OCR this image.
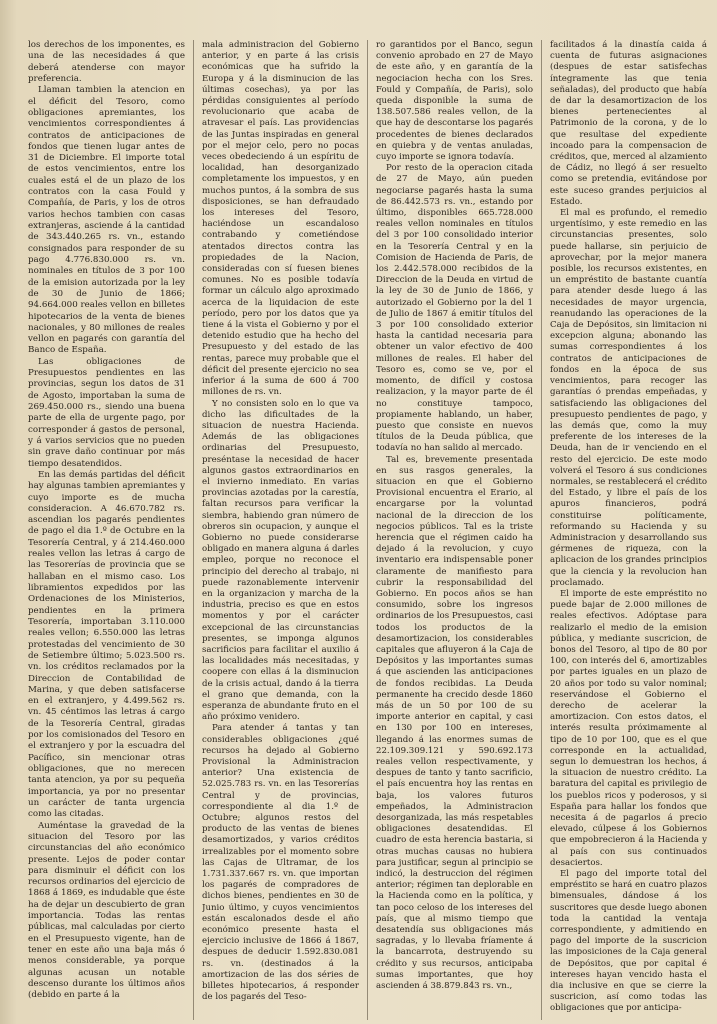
los derechos de los imponentes, es una de las necesidades á que deberá atenderse con mayor preferencia.

Llaman tambien la atencion en el déficit del Tesoro, como obligaciones apremiantes, los vencimientos correspondientes á contratos de anticipaciones de fondos que tienen lugar antes de 31 de Diciembre. El importe total de estos vencimientos, entre los cuales está el de un plazo de los contratos con la casa Fould y Compañía, de Paris, y los de otros varios hechos tambien con casas extranjeras, asciende á la cantidad de 343.440.265 rs. vn., estando consignados para responder de su pago 4.776.830.000 rs. vn. nominales en títulos de 3 por 100 de la emision autorizada por la ley de 30 de Junio de 1866; 94.664.000 reales vellon en billetes hipotecarios de la venta de bienes nacionales, y 80 millones de reales vellon en pagarés con garantía del Banco de España.

Las obligaciones de Presupuestos pendientes en las provincias, segun los datos de 31 de Agosto, importaban la suma de 269.450.000 rs., siendo una buena parte de ella de urgente pago, por corresponder á gastos de personal, y á varios servicios que no pueden sin grave daño continuar por más tiempo desatendidos.

En las demás partidas del déficit hay algunas tambien apremiantes y cuyo importe es de mucha consideracion. A 46.670.782 rs. ascendian los pagarés pendientes de pago el dia 1.º de Octubre en la Tesorería Central, y á 214.460.000 reales vellon las letras á cargo de las Tesorerías de provincia que se hallaban en el mismo caso. Los libramientos expedidos por las Ordenaciones de los Ministerios, pendientes en la primera Tesorería, importaban 3.110.000 reales vellon; 6.550.000 las letras protestadas del vencimiento de 30 de Setiembre último; 5.023.500 rs. vn. los créditos reclamados por la Direccion de Contabilidad de Marina, y que deben satisfacerse en el extranjero, y 4.499.562 rs. vn. 45 céntimos las letras á cargo de la Tesorería Central, giradas por los comisionados del Tesoro en el extranjero y por la escuadra del Pacífico, sin mencionar otras obligaciones, que no merecen tanta atencion, ya por su pequeña importancia, ya por no presentar un carácter de tanta urgencia como las citadas.

Auméntase la gravedad de la situacion del Tesoro por las circunstancias del año económico presente. Lejos de poder contar para disminuir el déficit con los recursos ordinarios del ejercicio de 1868 á 1869, es indudable que éste ha de dejar un descubierto de gran importancia. Todas las rentas públicas, mal calculadas por cierto en el Presupuesto vigente, han de tener en este año una baja más ó menos considerable, ya porque algunas acusan un notable descenso durante los últimos años (debido en parte á la

mala administracion del Gobierno anterior, y en parte á las crisis económicas que ha sufrido la Europa y á la disminucion de las últimas cosechas), ya por las pérdidas consiguientes al período revolucionario que acaba de atravesar el país. Las providencias de las Juntas inspiradas en general por el mejor celo, pero no pocas veces obedeciendo á un espíritu de localidad, han desorganizado completamente los impuestos, y en muchos puntos, á la sombra de sus disposiciones, se han defraudado los intereses del Tesoro, haciéndose un escandaloso contrabando y cometiéndose atentados directos contra las propiedades de la Nacion, consideradas con sí fuesen bienes comunes. No es posible todavía formar un cálculo algo aproximado acerca de la liquidacion de este período, pero por los datos que ya tiene á la vista el Gobierno y por el detenido estudio que ha hecho del Presupuesto y del estado de las rentas, parece muy probable que el déficit del presente ejercicio no sea inferior á la suma de 600 á 700 millones de rs. vn.

Y no consisten solo en lo que va dicho las dificultades de la situacion de nuestra Hacienda. Además de las obligaciones ordinarias del Presupuesto, preséntase la necesidad de hacer algunos gastos extraordinarios en el invierno inmediato. En varias provincias azotadas por la carestía, faltan recursos para verificar la siembra, habiendo gran número de obreros sin ocupacion, y aunque el Gobierno no puede considerarse obligado en manera alguna á darles empleo, porque no reconoce el principio del derecho al trabajo, ni puede razonablemente intervenir en la organizacion y marcha de la industria, preciso es que en estos momentos y por el carácter excepcional de las circunstancias presentes, se imponga algunos sacrificios para facilitar el auxilio á las localidades más necesitadas, y coopere con ellas á la disminucion de la crisis actual, dando á la tierra el grano que demanda, con la esperanza de abundante fruto en el año próximo venidero.

Para atender á tantas y tan considerables obligaciones ¿qué recursos ha dejado al Gobierno Provisional la Administracion anterior? Una existencia de 52.025.783 rs. vn. en las Tesorerías Central y de provincias, correspondiente al dia 1.º de Octubre; algunos restos del producto de las ventas de bienes desamortizados, y varios créditos irrealizables por el momento sobre las Cajas de Ultramar, de los 1.731.337.667 rs. vn. que importan los pagarés de compradores de dichos bienes, pendientes en 30 de Junio último, y cuyos vencimientos están escalonados desde el año económico presente hasta el ejercicio inclusive de 1866 á 1867, despues de deducir 1.592.830.081 rs. vn. (destinados á la amortizacion de las dos séries de billetes hipotecarios, á responder de los pagarés del Teso-

ro garantidos por el Banco, segun convenio aprobado en 27 de Mayo de este año, y en garantía de la negociacion hecha con los Sres. Fould y Compañía, de Paris), solo queda disponible la suma de 138.507.586 reales vellon, de la que hay de descontarse los pagarés procedentes de bienes declarados en quiebra y de ventas anuladas, cuyo importe se ignora todavía.

Por resto de la operacion citada de 27 de Mayo, aún pueden negociarse pagarés hasta la suma de 86.442.573 rs. vn., estando por último, disponibles 665.728.000 reales vellon nominales en títulos del 3 por 100 consolidado interior en la Tesorería Central y en la Comision de Hacienda de Paris, de los 2.442.578.000 recibidos de la Direccion de la Deuda en virtud de la ley de 30 de Junio de 1866, y autorizado el Gobierno por la del 1 de Julio de 1867 á emitir títulos del 3 por 100 consolidado exterior hasta la cantidad necesaria para obtener un valor efectivo de 400 millones de reales. El haber del Tesoro es, como se ve, por el momento, de difícil y costosa realizacion, y la mayor parte de él no constituye tampoco, propiamente hablando, un haber, puesto que consiste en nuevos títulos de la Deuda pública, que todavía no han salido al mercado.

Tal es, brevemente presentada en sus rasgos generales, la situacion en que el Gobierno Provisional encuentra el Erario, al encargarse por la voluntad nacional de la direccion de los negocios públicos. Tal es la triste herencia que el régimen caido ha dejado á la revolucion, y cuyo inventario era indispensable poner claramente de manifiesto para cubrir la responsabilidad del Gobierno. En pocos años se han consumido, sobre los ingresos ordinarios de los Presupuestos, casi todos los productos de la desamortizacion, los considerables capitales que afluyeron á la Caja de Depósitos y las importantes sumas á que ascienden las anticipaciones de fondos recibidas. La Deuda permanente ha crecido desde 1860 más de un 50 por 100 de su importe anterior en capital, y casi en 130 por 100 en intereses, llegando á las enormes sumas de 22.109.309.121 y 590.692.173 reales vellon respectivamente, y despues de tanto y tanto sacrificio, el país encuentra hoy las rentas en baja, los valores futuros empeñados, la Administracion desorganizada, las más respetables obligaciones desatendidas. El cuadro de esta herencia bastaria, si otras muchas causas no hubiera para justificar, segun al principio se indicó, la destruccion del régimen anterior; régimen tan deplorable en la Hacienda como en la política, y tan poco celoso de los intereses del país, que al mismo tiempo que desatendía sus obligaciones más sagradas, y lo llevaba fríamente á la bancarrota, destruyendo su crédito y sus recursos, anticipaba sumas importantes, que hoy ascienden á 38.879.843 rs. vn.,

facilitados á la dinastía caida á cuenta de futuras asignaciones (despues de estar satisfechas íntegramente las que tenia señaladas), del producto que había de dar la desamortizacion de los bienes pertenecientes al Patrimonio de la corona, y de lo que resultase del expediente incoado para la compensacion de créditos, que, merced al alzamiento de Cádiz, no llegó á ser resuelto como se pretendia, evitándose por este suceso grandes perjuicios al Estado.

El mal es profundo, el remedio urgentísimo, y este remedio en las circunstancias presentes, solo puede hallarse, sin perjuicio de aprovechar, por la mejor manera posible, los recursos existentes, en un empréstito de bastante cuantía para atender desde luego á las necesidades de mayor urgencia, reanudando las operaciones de la Caja de Depósitos, sin limitacion ni excepcion alguna; abonando las sumas correspondientes á los contratos de anticipaciones de fondos en la época de sus vencimientos, para recoger las garantías ó prendas empeñadas, y satisfaciendo las obligaciones del presupuesto pendientes de pago, y las demás que, como la muy preferente de los intereses de la Deuda, han de ir venciendo en el resto del ejercicio. De este modo volverá el Tesoro á sus condiciones normales, se restablecerá el crédito del Estado, y libre el país de los apuros financieros, podrá constituirse políticamente, reformando su Hacienda y su Administracion y desarrollando sus gérmenes de riqueza, con la aplicacion de los grandes principios que la ciencia y la revolucion han proclamado.

El importe de este empréstito no puede bajar de 2.000 millones de reales efectivos. Adóptase para realizarlo el medio de la emision pública, y mediante suscricion, de bonos del Tesoro, al tipo de 80 por 100, con interés del 6, amortizables por partes iguales en un plazo de 20 años por todo su valor nominal; reservándose el Gobierno el derecho de acelerar la amortizacion. Con estos datos, el interés resulta próximamente al tipo de 10 por 100, que es el que corresponde en la actualidad, segun lo demuestran los hechos, á la situacion de nuestro crédito. La baratura del capital es privilegio de los pueblos ricos y poderosos, y si España para hallar los fondos que necesita á de pagarlos á precio elevado, cúlpese á los Gobiernos que empobrecieron á la Hacienda y al país con sus continuados desaciertos.

El pago del importe total del empréstito se hará en cuatro plazos bimensuales, dándose á los suscritores que desde luego abonen toda la cantidad la ventaja correspondiente, y admitiendo en pago del importe de la suscricion las imposiciones de la Caja general de Depósitos, que por capital é intereses hayan vencido hasta el dia inclusive en que se cierre la suscricion, así como todas las obligaciones que por anticipa-
